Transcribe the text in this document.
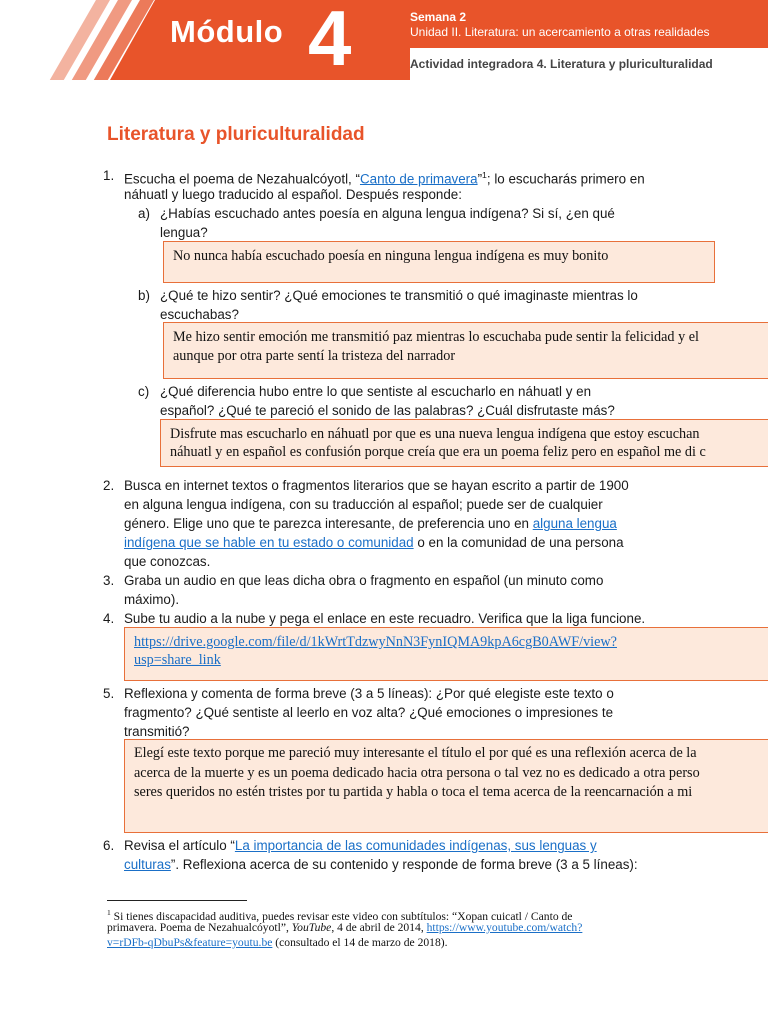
Módulo 4	Semana 2
Unidad II. Literatura: un acercamiento a otras realidades
Actividad integradora 4. Literatura y pluriculturalidad
Literatura y pluriculturalidad
1. Escucha el poema de Nezahualcóyotl, “Canto de primavera”$^1$; lo escucharás primero en
náhuatl y luego traducido al español. Después responde:
a) ¿Habías escuchado antes poesía en alguna lengua indígena? Si sí, ¿en qué
lengua?
No nunca había escuchado poesía en ninguna lengua indígena es muy bonito
b) ¿Qué te hizo sentir? ¿Qué emociones te transmitió o qué imaginaste mientras lo
escuchabas?
Me hizo sentir emoción me transmitió paz mientras lo escuchaba pude sentir la felicidad y el
aunque por otra parte sentí la tristeza del narrador
c) ¿Qué diferencia hubo entre lo que sentiste al escucharlo en náhuatl y en
español? ¿Qué te pareció el sonido de las palabras? ¿Cuál disfrutaste más?
Disfrute mas escucharlo en náhuatl por que es una nueva lengua indígena que estoy escuchan
náhuatl y en español es confusión porque creía que era un poema feliz pero en español me di c
2. Busca en internet textos o fragmentos literarios que se hayan escrito a partir de 1900
en alguna lengua indígena, con su traducción al español; puede ser de cualquier
género. Elige uno que te parezca interesante, de preferencia uno en alguna lengua
indígena que se hable en tu estado o comunidad o en la comunidad de una persona
que conozcas.
3. Graba un audio en que leas dicha obra o fragmento en español (un minuto como
máximo).
4. Sube tu audio a la nube y pega el enlace en este recuadro. Verifica que la liga funcione.
https://drive.google.com/file/d/1kWrtTdzwyNnN3FynIQMA9kpA6cgB0AWF/view?
usp=share_link
5. Reflexiona y comenta de forma breve (3 a 5 líneas): ¿Por qué elegiste este texto o
fragmento? ¿Qué sentiste al leerlo en voz alta? ¿Qué emociones o impresiones te
transmitió?
Elegí este texto porque me pareció muy interesante el título el por qué es una reflexión acerca de la
acerca de la muerte y es un poema dedicado hacia otra persona o tal vez no es dedicado a otra perso
seres queridos no estén tristes por tu partida y habla o toca el tema acerca de la reencarnación a mi
6. Revisa el artículo “La importancia de las comunidades indígenas, sus lenguas y
culturas”. Reflexiona acerca de su contenido y responde de forma breve (3 a 5 líneas):
$^1$ Si tienes discapacidad auditiva, puedes revisar este video con subtítulos: “Xopan cuicatl / Canto de
primavera. Poema de Nezahualcóyotl”, YouTube, 4 de abril de 2014, https://www.youtube.com/watch?
v=rDFb-qDbuPs&feature=youtu.be (consultado el 14 de marzo de 2018).
